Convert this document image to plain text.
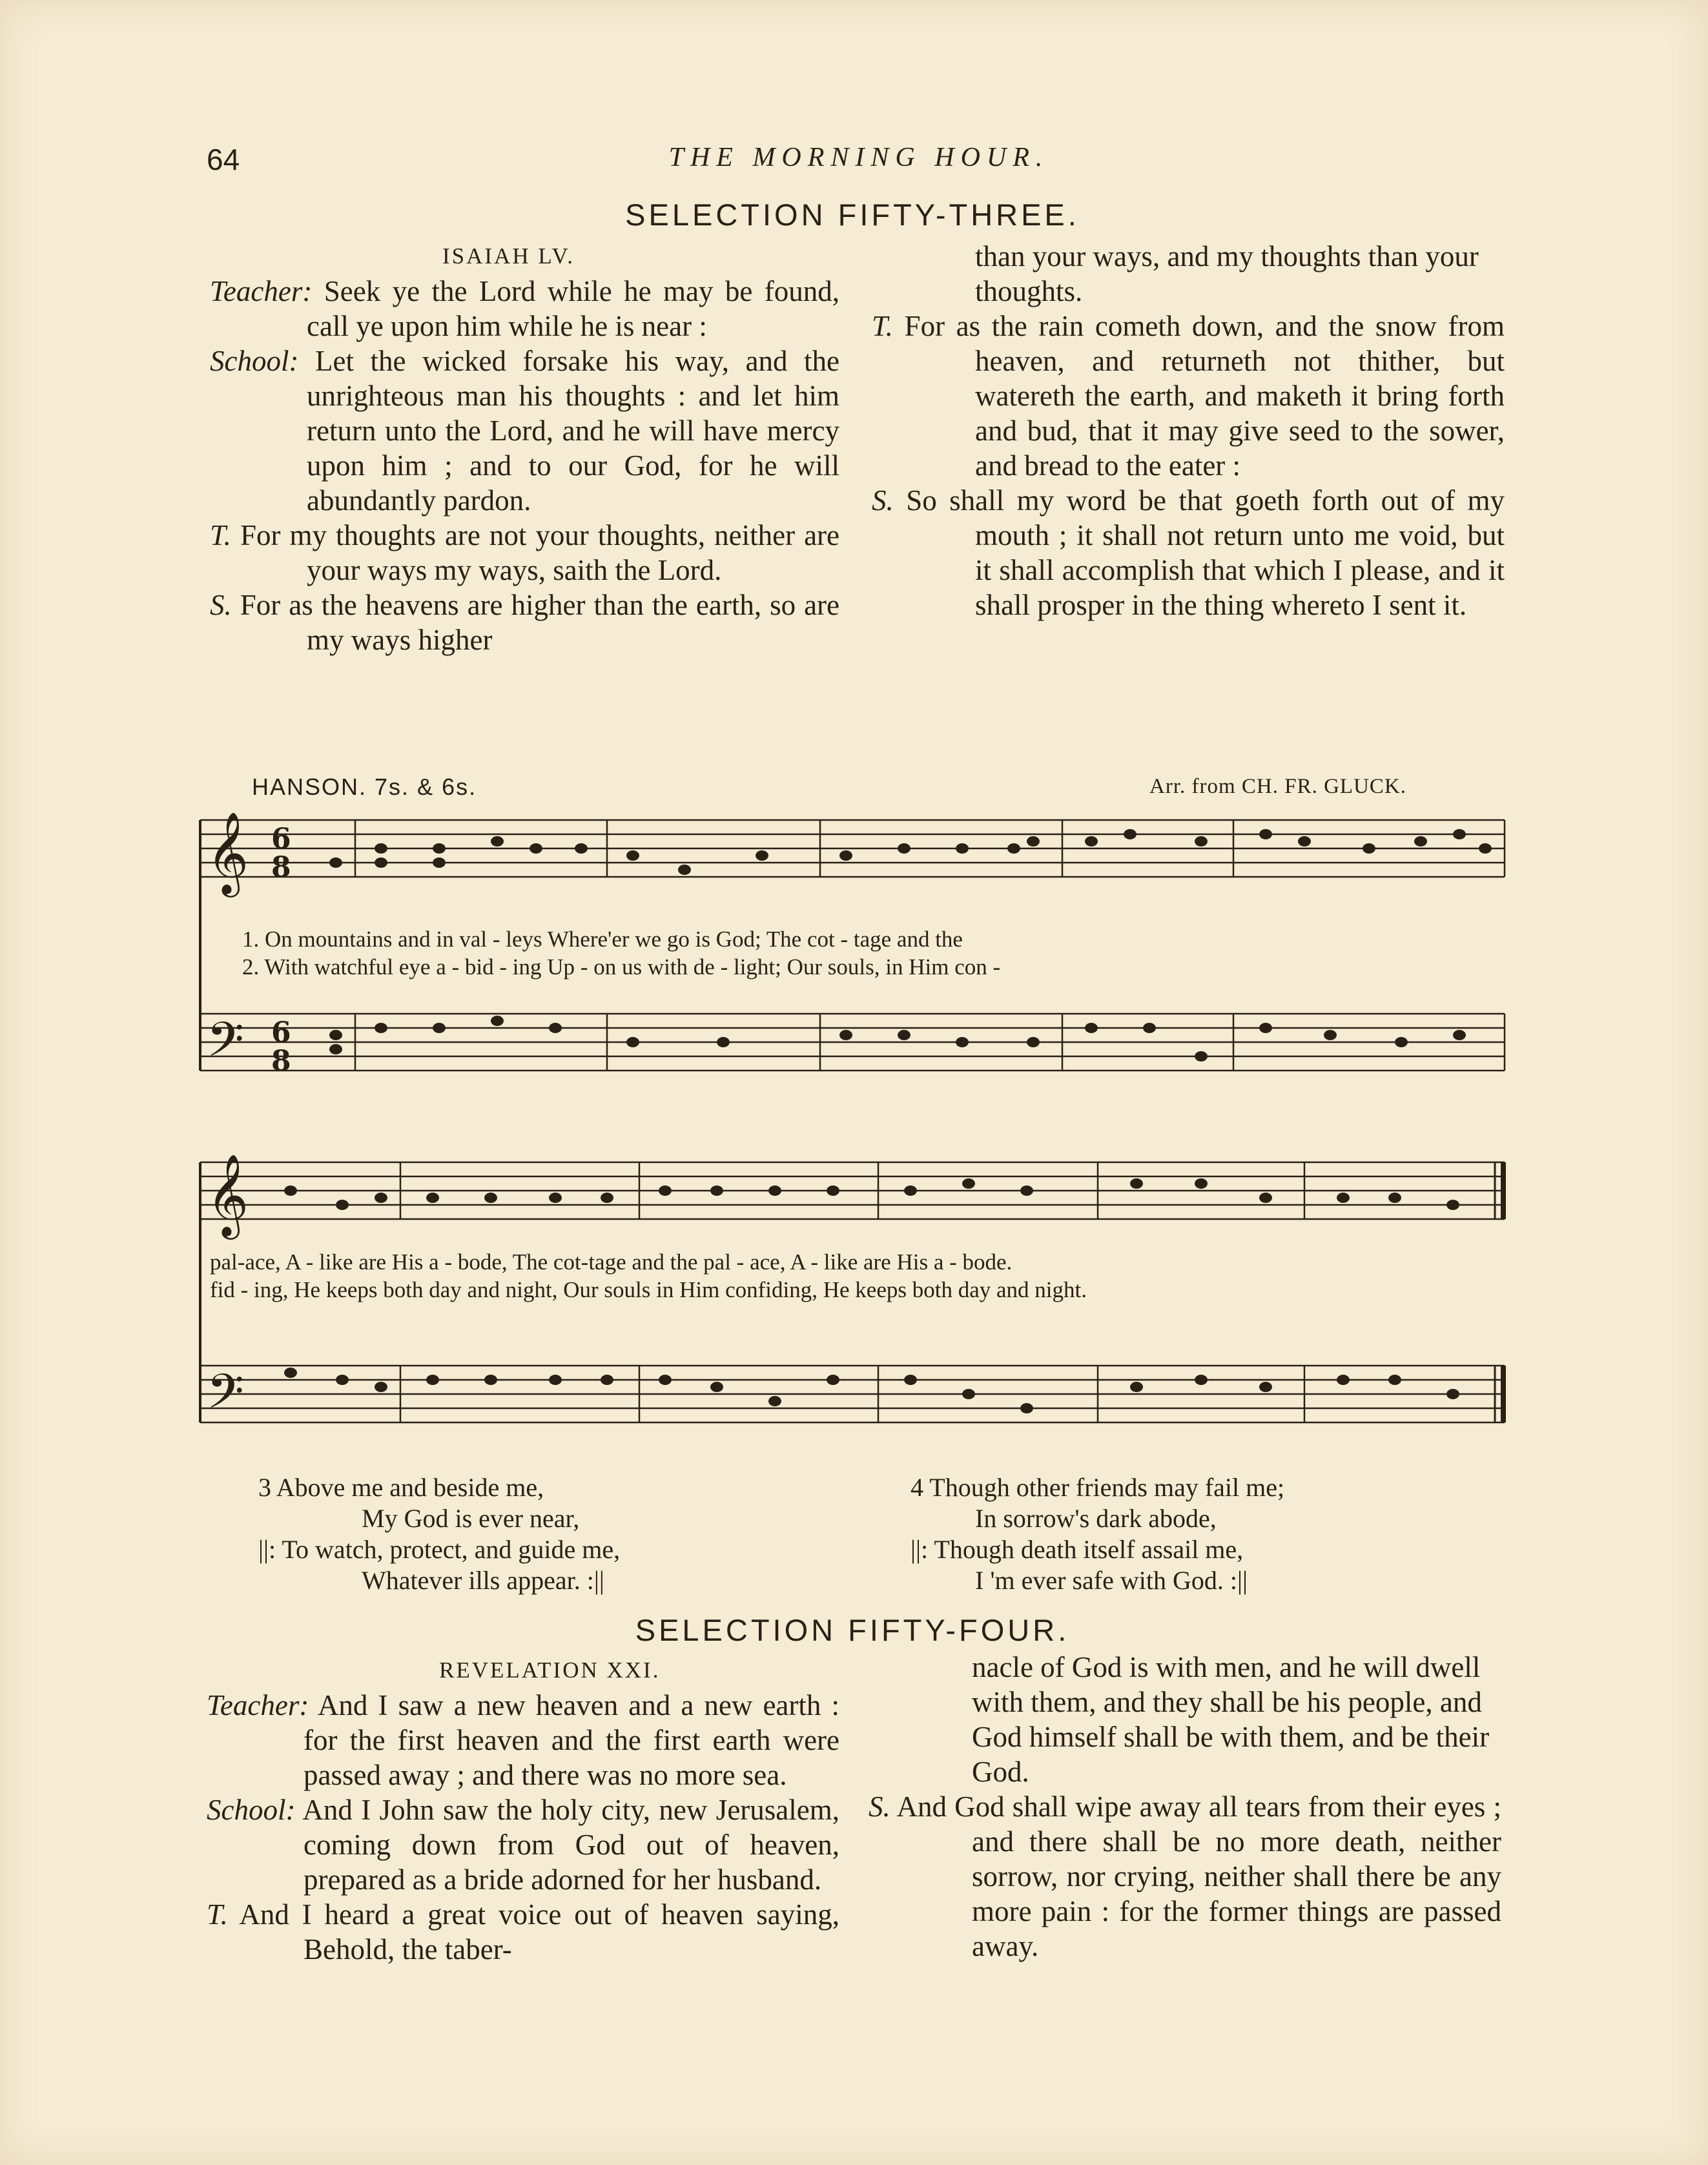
64	THE MORNING HOUR.
SELECTION FIFTY-THREE.

ISAIAH LV.

Teacher: Seek ye the Lord while he may be found, call ye upon him while he is near :

School: Let the wicked forsake his way, and the unrighteous man his thoughts : and let him return unto the Lord, and he will have mercy upon him ; and to our God, for he will abundantly pardon.

T. For my thoughts are not your thoughts, neither are your ways my ways, saith the Lord.

S. For as the heavens are higher than the earth, so are my ways higher

than your ways, and my thoughts than your thoughts.

T. For as the rain cometh down, and the snow from heaven, and returneth not thither, but watereth the earth, and maketh it bring forth and bud, that it may give seed to the sower, and bread to the eater :

S. So shall my word be that goeth forth out of my mouth ; it shall not return unto me void, but it shall accomplish that which I please, and it shall prosper in the thing whereto I sent it.

HANSON. 7s. & 6s.	Arr. from CH. FR. GLUCK.
𝄞
𝄢
𝄞
𝄢
6
8
6
8
1. On mountains and in val - leys Where'er we go is God; The cot - tage and the
2. With watchful eye a - bid - ing Up - on us with de - light; Our souls, in Him con -
pal-ace, A - like are His a - bode, The cot-tage and the pal - ace, A - like are His a - bode.
fid - ing, He keeps both day and night, Our souls in Him confiding, He keeps both day and night.

3 Above me and beside me,

My God is ever near,

||: To watch, protect, and guide me,

Whatever ills appear. :||

4 Though other friends may fail me;

In sorrow's dark abode,

||: Though death itself assail me,

I 'm ever safe with God. :||

SELECTION FIFTY-FOUR.

REVELATION XXI.

Teacher: And I saw a new heaven and a new earth : for the first heaven and the first earth were passed away ; and there was no more sea.

School: And I John saw the holy city, new Jerusalem, coming down from God out of heaven, prepared as a bride adorned for her husband.

T. And I heard a great voice out of heaven saying, Behold, the taber-

nacle of God is with men, and he will dwell with them, and they shall be his people, and God himself shall be with them, and be their God.

S. And God shall wipe away all tears from their eyes ; and there shall be no more death, neither sorrow, nor crying, neither shall there be any more pain : for the former things are passed away.
